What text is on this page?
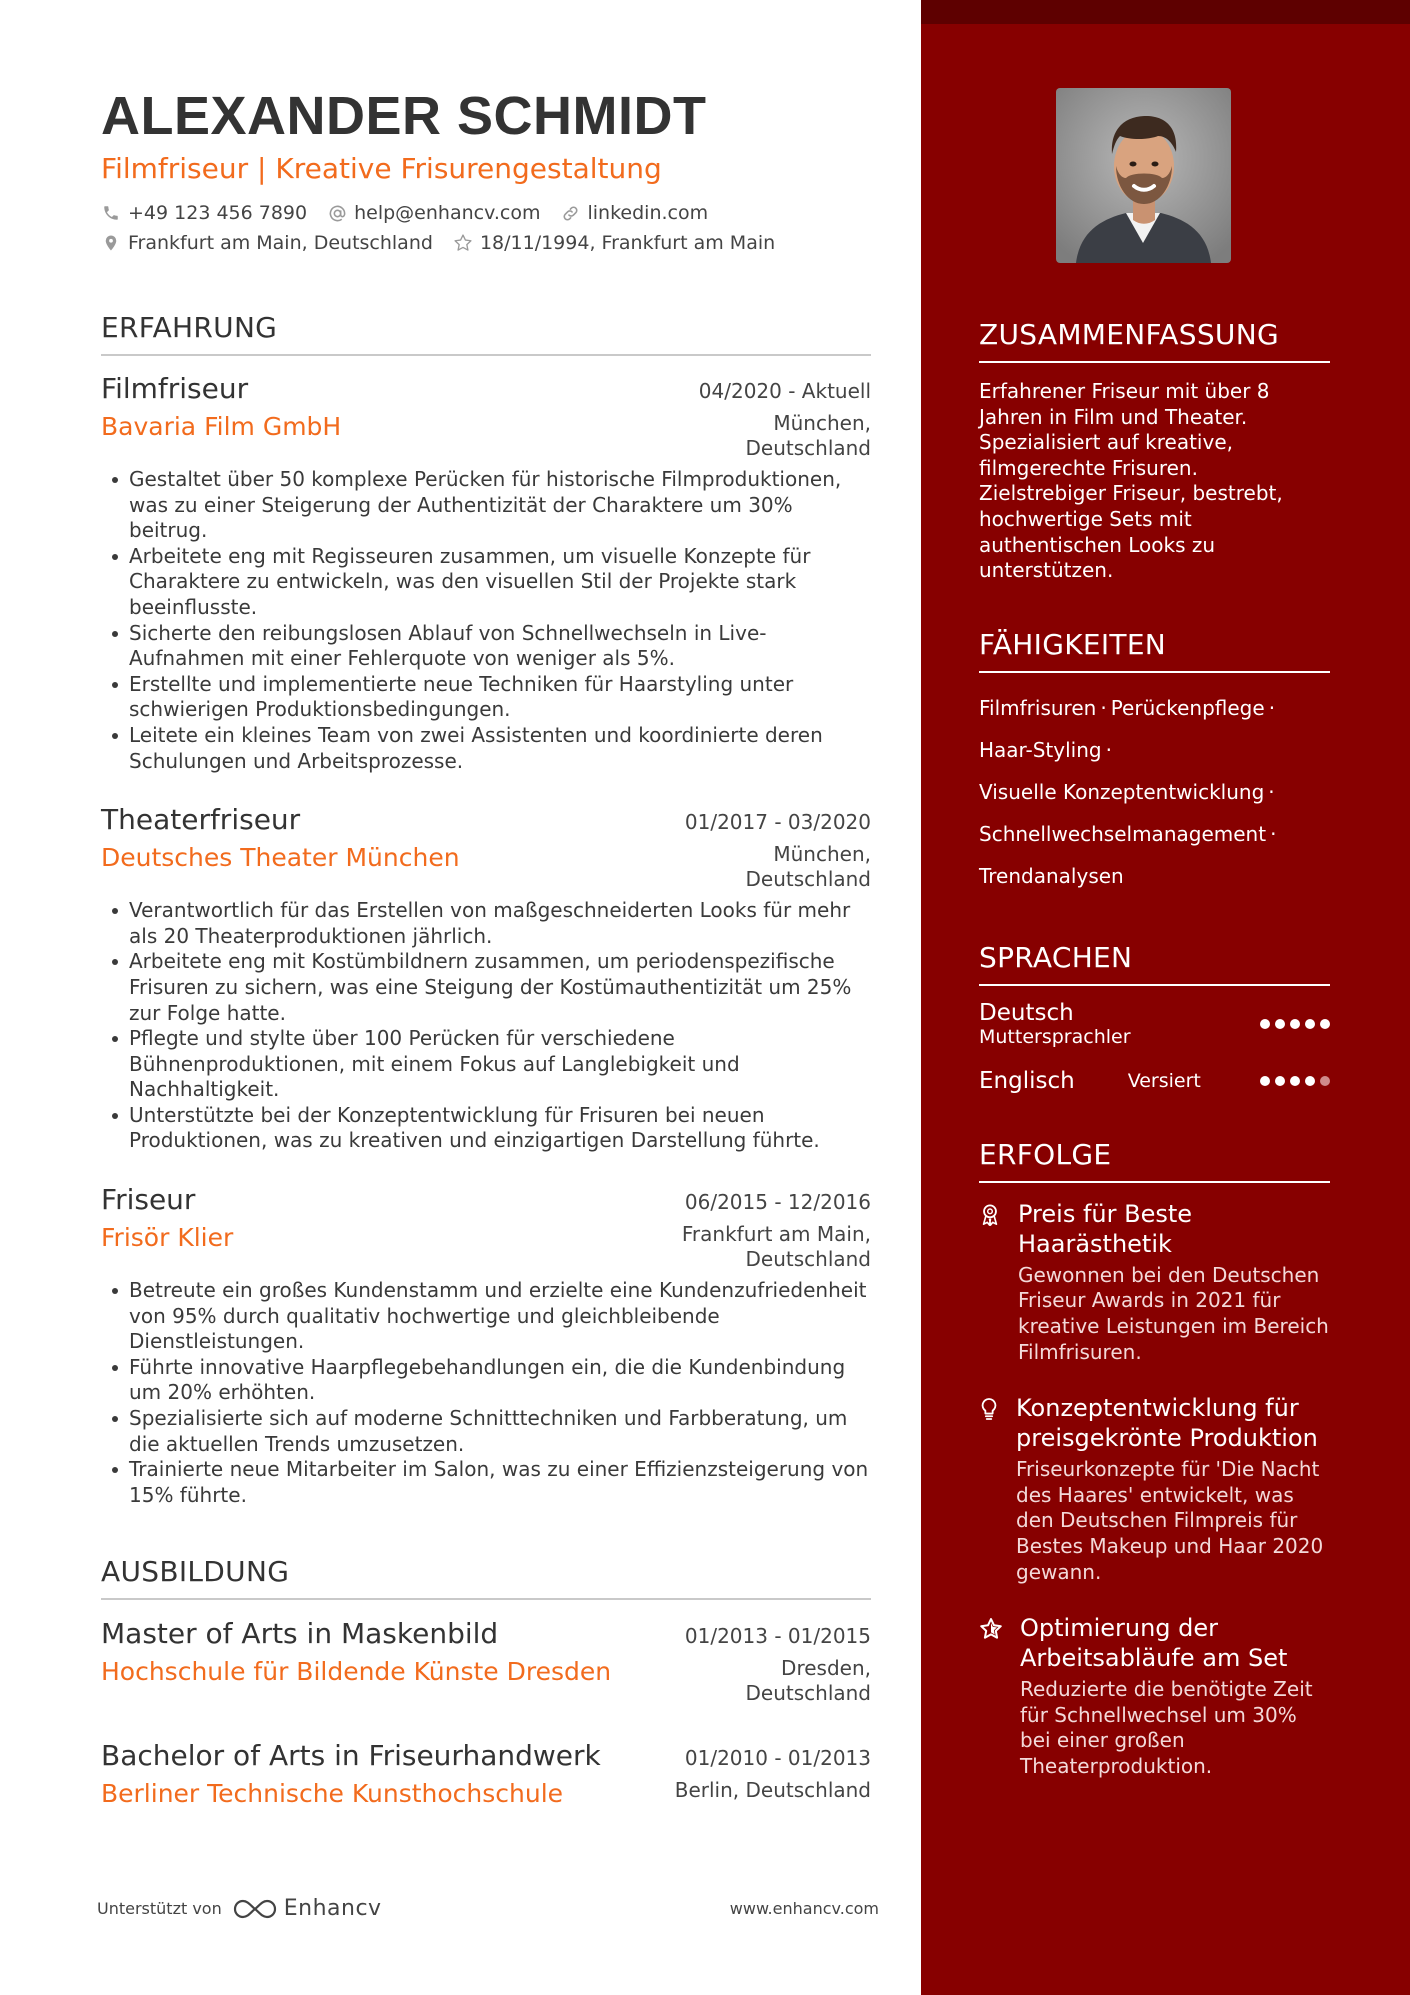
ALEXANDER SCHMIDT
Filmfriseur | Kreative Frisurengestaltung
+49 123 456 7890 help@enhancv.com linkedin.com
Frankfurt am Main, Deutschland 18/11/1994, Frankfurt am Main
ERFAHRUNG
Filmfriseur	04/2020 - Aktuell
Bavaria Film GmbH	München,
Deutschland
Gestaltet über 50 komplexe Perücken für historische Filmproduktionen, was zu einer Steigerung der Authentizität der Charaktere um 30% beitrug.
Arbeitete eng mit Regisseuren zusammen, um visuelle Konzepte für Charaktere zu entwickeln, was den visuellen Stil der Projekte stark beeinflusste.
Sicherte den reibungslosen Ablauf von Schnellwechseln in Live-Aufnahmen mit einer Fehlerquote von weniger als 5%.
Erstellte und implementierte neue Techniken für Haarstyling unter schwierigen Produktionsbedingungen.
Leitete ein kleines Team von zwei Assistenten und koordinierte deren Schulungen und Arbeitsprozesse.
Theaterfriseur	01/2017 - 03/2020
Deutsches Theater München	München,
Deutschland
Verantwortlich für das Erstellen von maßgeschneiderten Looks für mehr als 20 Theaterproduktionen jährlich.
Arbeitete eng mit Kostümbildnern zusammen, um periodenspezifische Frisuren zu sichern, was eine Steigung der Kostümauthentizität um 25% zur Folge hatte.
Pflegte und stylte über 100 Perücken für verschiedene Bühnenproduktionen, mit einem Fokus auf Langlebigkeit und Nachhaltigkeit.
Unterstützte bei der Konzeptentwicklung für Frisuren bei neuen Produktionen, was zu kreativen und einzigartigen Darstellung führte.
Friseur	06/2015 - 12/2016
Frisör Klier	Frankfurt am Main,
Deutschland
Betreute ein großes Kundenstamm und erzielte eine Kundenzufriedenheit von 95% durch qualitativ hochwertige und gleichbleibende Dienstleistungen.
Führte innovative Haarpflegebehandlungen ein, die die Kundenbindung um 20% erhöhten.
Spezialisierte sich auf moderne Schnitttechniken und Farbberatung, um die aktuellen Trends umzusetzen.
Trainierte neue Mitarbeiter im Salon, was zu einer Effizienzsteigerung von 15% führte.
AUSBILDUNG
Master of Arts in Maskenbild	01/2013 - 01/2015
Hochschule für Bildende Künste Dresden	Dresden,
Deutschland
Bachelor of Arts in Friseurhandwerk	01/2010 - 01/2013
Berliner Technische Kunsthochschule	Berlin, Deutschland
Unterstützt von	Enhancv	www.enhancv.com
ZUSAMMENFASSUNG
Erfahrener Friseur mit über 8 Jahren in Film und Theater. Spezialisiert auf kreative, filmgerechte Frisuren. Zielstrebiger Friseur, bestrebt, hochwertige Sets mit authentischen Looks zu unterstützen.
FÄHIGKEITEN
Filmfrisuren · Perückenpflege ·
Haar-Styling ·
Visuelle Konzeptentwicklung ·
Schnellwechselmanagement ·
Trendanalysen
SPRACHEN
Deutsch
Muttersprachler
Englisch	Versiert
ERFOLGE
Preis für Beste Haarästhetik
Gewonnen bei den Deutschen Friseur Awards in 2021 für kreative Leistungen im Bereich Filmfrisuren.
Konzeptentwicklung für preisgekrönte Produktion
Friseurkonzepte für 'Die Nacht des Haares' entwickelt, was den Deutschen Filmpreis für Bestes Makeup und Haar 2020 gewann.
Optimierung der Arbeitsabläufe am Set
Reduzierte die benötigte Zeit für Schnellwechsel um 30% bei einer großen Theaterproduktion.
